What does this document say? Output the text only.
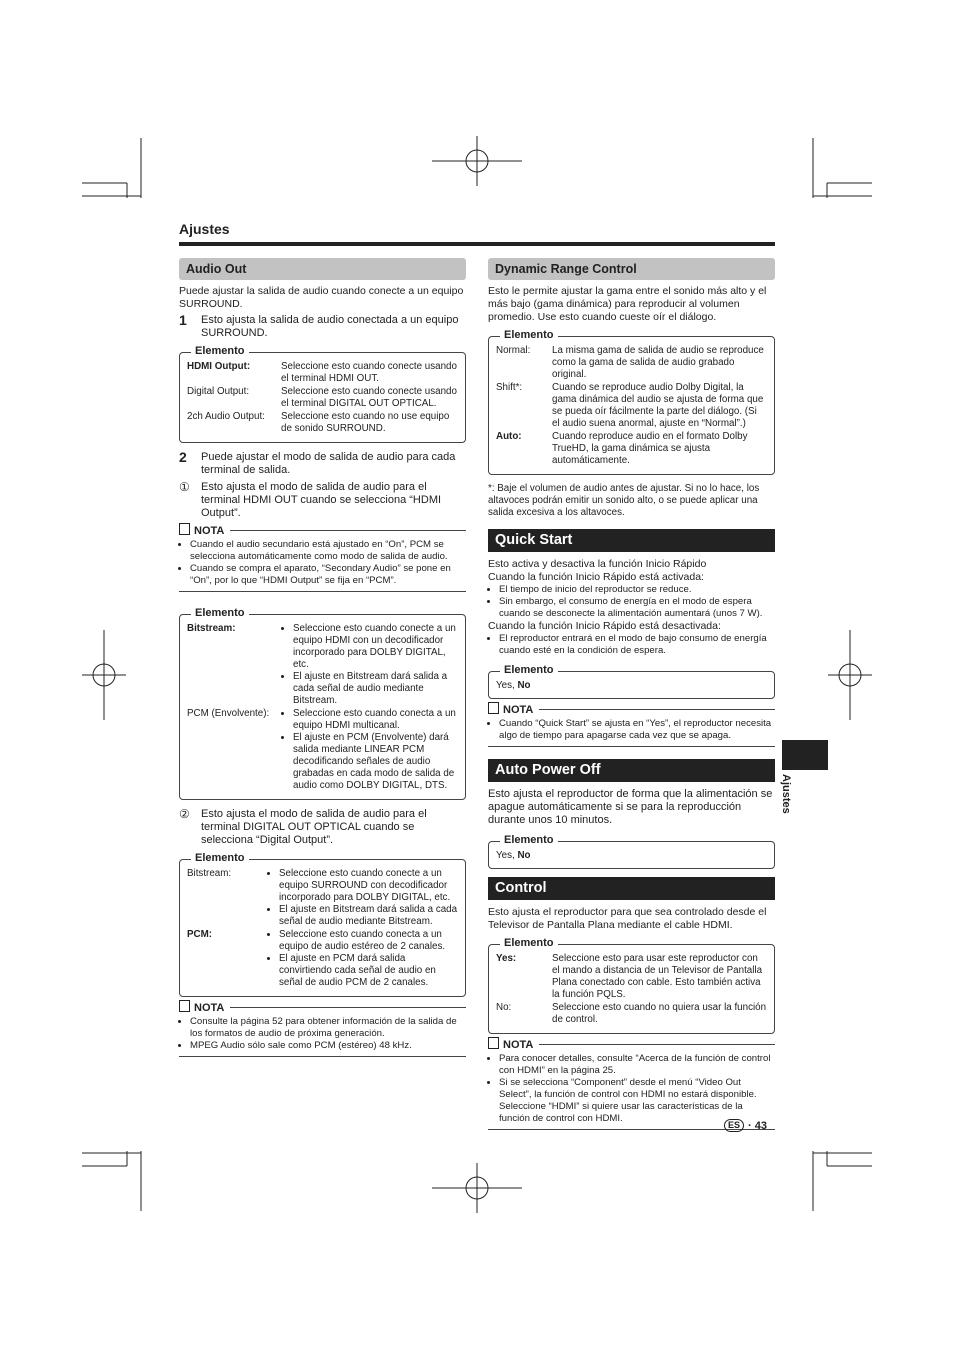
Ajustes
Audio Out

Puede ajustar la salida de audio cuando conecte a un equipo SURROUND.

1	Esto ajusta la salida de audio conectada a un equipo SURROUND.
Elemento
HDMI Output:	Seleccione esto cuando conecte usando el terminal HDMI OUT.
Digital Output:	Seleccione esto cuando conecte usando el terminal DIGITAL OUT OPTICAL.
2ch Audio Output:	Seleccione esto cuando no use equipo de sonido SURROUND.
2	Puede ajustar el modo de salida de audio para cada terminal de salida.
①	Esto ajusta el modo de salida de audio para el terminal HDMI OUT cuando se selecciona “HDMI Output”.
NOTA
• Cuando el audio secundario está ajustado en “On”, PCM se selecciona automáticamente como modo de salida de audio.
• Cuando se compra el aparato, “Secondary Audio” se pone en “On”, por lo que “HDMI Output” se fija en “PCM”.
Elemento
Bitstream:	• Seleccione esto cuando conecte a un equipo HDMI con un decodificador incorporado para DOLBY DIGITAL, etc.
• El ajuste en Bitstream dará salida a cada señal de audio mediante Bitstream.
PCM (Envolvente):	• Seleccione esto cuando conecta a un equipo HDMI multicanal.
• El ajuste en PCM (Envolvente) dará salida mediante LINEAR PCM decodificando señales de audio grabadas en cada modo de salida de audio como DOLBY DIGITAL, DTS.
②	Esto ajusta el modo de salida de audio para el terminal DIGITAL OUT OPTICAL cuando se selecciona “Digital Output”.
Elemento
Bitstream:	• Seleccione esto cuando conecte a un equipo SURROUND con decodificador incorporado para DOLBY DIGITAL, etc.
• El ajuste en Bitstream dará salida a cada señal de audio mediante Bitstream.
PCM:	• Seleccione esto cuando conecta a un equipo de audio estéreo de 2 canales.
• El ajuste en PCM dará salida convirtiendo cada señal de audio en señal de audio PCM de 2 canales.
NOTA
• Consulte la página 52 para obtener información de la salida de los formatos de audio de próxima generación.
• MPEG Audio sólo sale como PCM (estéreo) 48 kHz.
Dynamic Range Control

Esto le permite ajustar la gama entre el sonido más alto y el más bajo (gama dinámica) para reproducir al volumen promedio. Use esto cuando cueste oír el diálogo.

Elemento
Normal:	La misma gama de salida de audio se reproduce como la gama de salida de audio grabado original.
Shift*:	Cuando se reproduce audio Dolby Digital, la gama dinámica del audio se ajusta de forma que se pueda oír fácilmente la parte del diálogo. (Si el audio suena anormal, ajuste en “Normal”.)
Auto:	Cuando reproduce audio en el formato Dolby TrueHD, la gama dinámica se ajusta automáticamente.

*: Baje el volumen de audio antes de ajustar. Si no lo hace, los altavoces podrán emitir un sonido alto, o se puede aplicar una salida excesiva a los altavoces.

Quick Start

Esto activa y desactiva la función Inicio Rápido

Cuando la función Inicio Rápido está activada:

• El tiempo de inicio del reproductor se reduce.
• Sin embargo, el consumo de energía en el modo de espera cuando se desconecte la alimentación aumentará (unos 7 W).

Cuando la función Inicio Rápido está desactivada:

• El reproductor entrará en el modo de bajo consumo de energía cuando esté en la condición de espera.
Elemento
Yes, No
NOTA
• Cuando “Quick Start” se ajusta en “Yes”, el reproductor necesita algo de tiempo para apagarse cada vez que se apaga.
Auto Power Off

Esto ajusta el reproductor de forma que la alimentación se apague automáticamente si se para la reproducción durante unos 10 minutos.

Elemento
Yes, No
Control

Esto ajusta el reproductor para que sea controlado desde el Televisor de Pantalla Plana mediante el cable HDMI.

Elemento
Yes:	Seleccione esto para usar este reproductor con el mando a distancia de un Televisor de Pantalla Plana conectado con cable. Esto también activa la función PQLS.
No:	Seleccione esto cuando no quiera usar la función de control.
NOTA
• Para conocer detalles, consulte “Acerca de la función de control con HDMI” en la página 25.
• Si se selecciona “Component” desde el menú “Video Out Select”, la función de control con HDMI no estará disponible. Seleccione “HDMI” si quiere usar las características de la función de control con HDMI.
Ajustes
ES · 43
